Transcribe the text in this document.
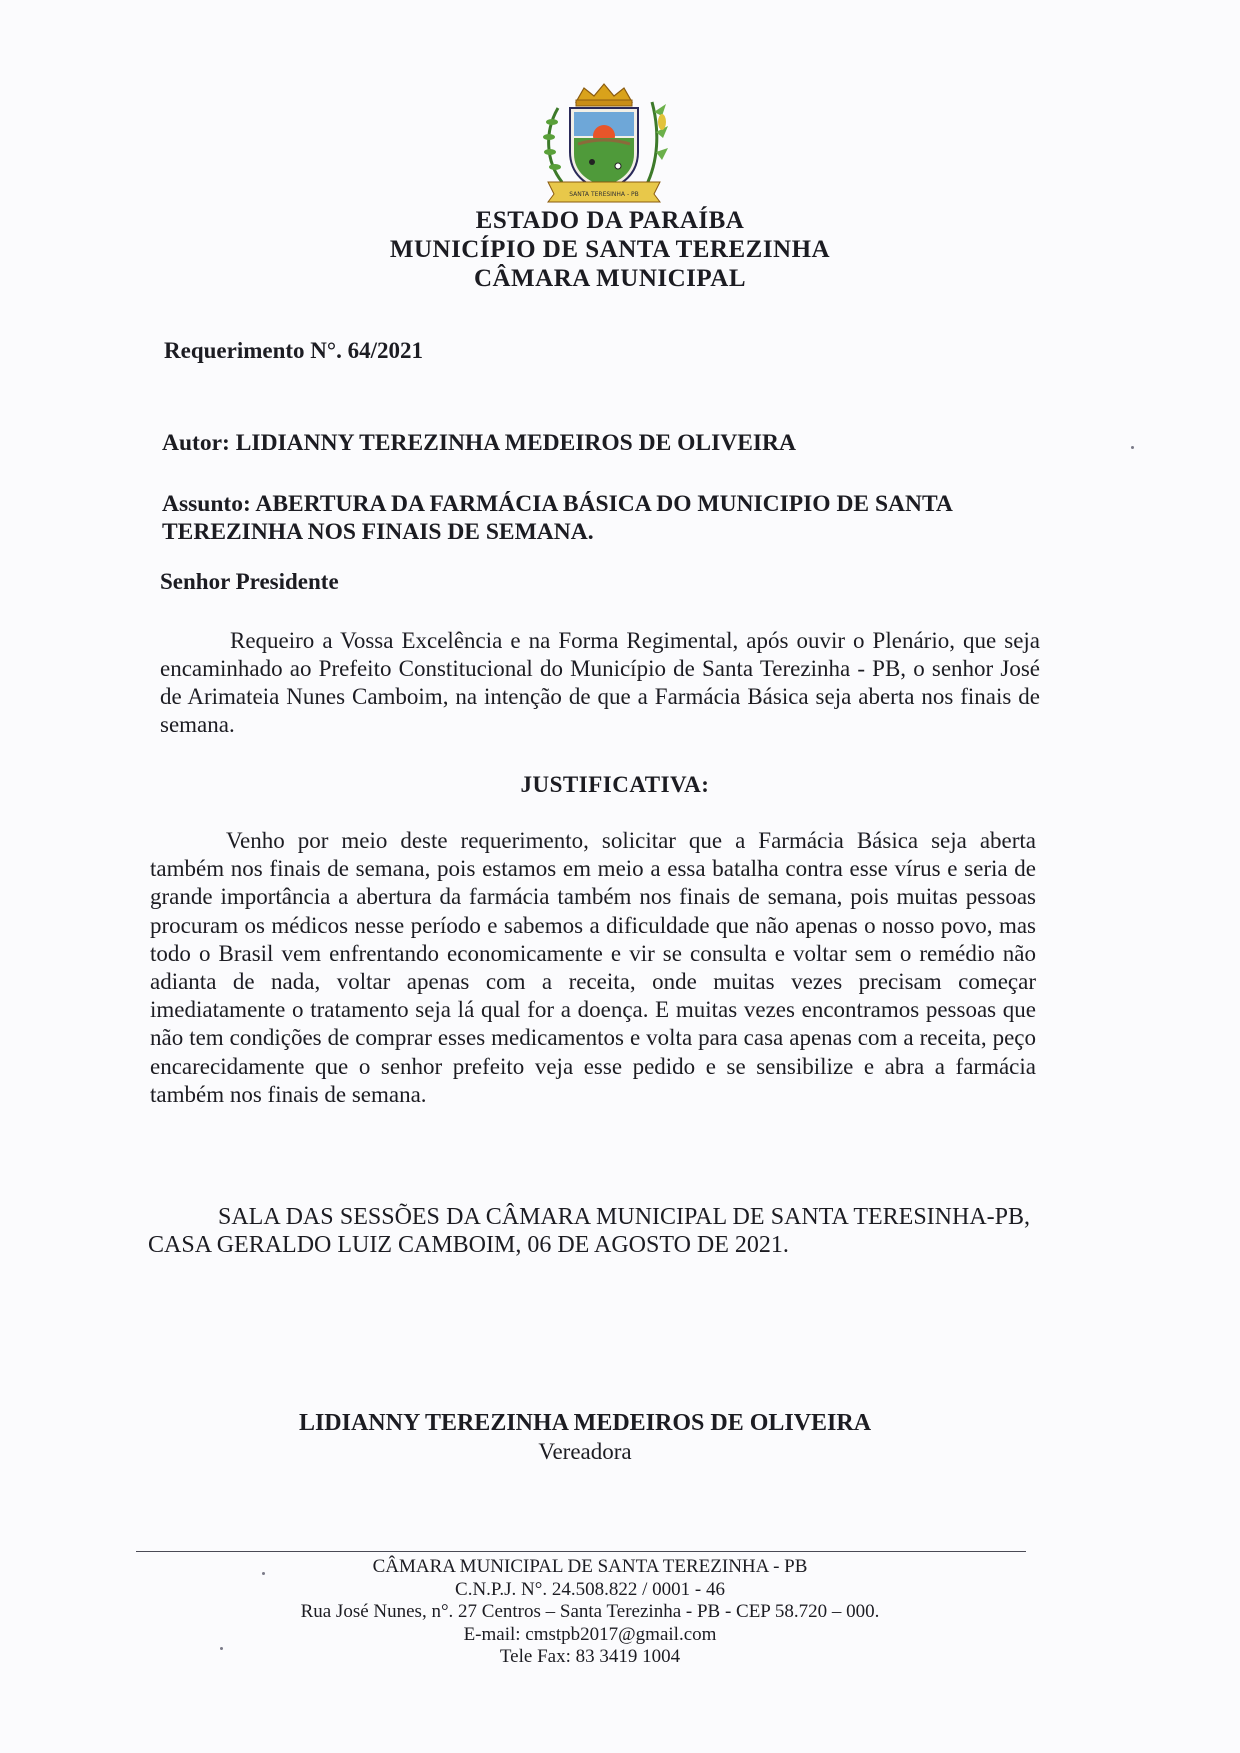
SANTA TERESINHA - PB
ESTADO DA PARAÍBA
MUNICÍPIO DE SANTA TEREZINHA
CÂMARA MUNICIPAL
Requerimento N°. 64/2021
Autor: LIDIANNY TEREZINHA MEDEIROS DE OLIVEIRA
Assunto: ABERTURA DA FARMÁCIA BÁSICA DO MUNICIPIO DE SANTA TEREZINHA NOS FINAIS DE SEMANA.
Senhor Presidente
Requeiro a Vossa Excelência e na Forma Regimental, após ouvir o Plenário, que seja encaminhado ao Prefeito Constitucional do Município de Santa Terezinha - PB, o senhor José de Arimateia Nunes Camboim, na intenção de que a Farmácia Básica seja aberta nos finais de semana.
JUSTIFICATIVA:
Venho por meio deste requerimento, solicitar que a Farmácia Básica seja aberta também nos finais de semana, pois estamos em meio a essa batalha contra esse vírus e seria de grande importância a abertura da farmácia também nos finais de semana, pois muitas pessoas procuram os médicos nesse período e sabemos a dificuldade que não apenas o nosso povo, mas todo o Brasil vem enfrentando economicamente e vir se consulta e voltar sem o remédio não adianta de nada, voltar apenas com a receita, onde muitas vezes precisam começar imediatamente o tratamento seja lá qual for a doença. E muitas vezes encontramos pessoas que não tem condições de comprar esses medicamentos e volta para casa apenas com a receita, peço encarecidamente que o senhor prefeito veja esse pedido e se sensibilize e abra a farmácia também nos finais de semana.
SALA DAS SESSÕES DA CÂMARA MUNICIPAL DE SANTA TERESINHA-PB, CASA GERALDO LUIZ CAMBOIM, 06 DE AGOSTO DE 2021.
LIDIANNY TEREZINHA MEDEIROS DE OLIVEIRA
Vereadora
CÂMARA MUNICIPAL DE SANTA TEREZINHA - PB
C.N.P.J. N°. 24.508.822 / 0001 - 46
Rua José Nunes, n°. 27 Centros – Santa Terezinha - PB - CEP 58.720 – 000.
E-mail: cmstpb2017@gmail.com
Tele Fax: 83 3419 1004
